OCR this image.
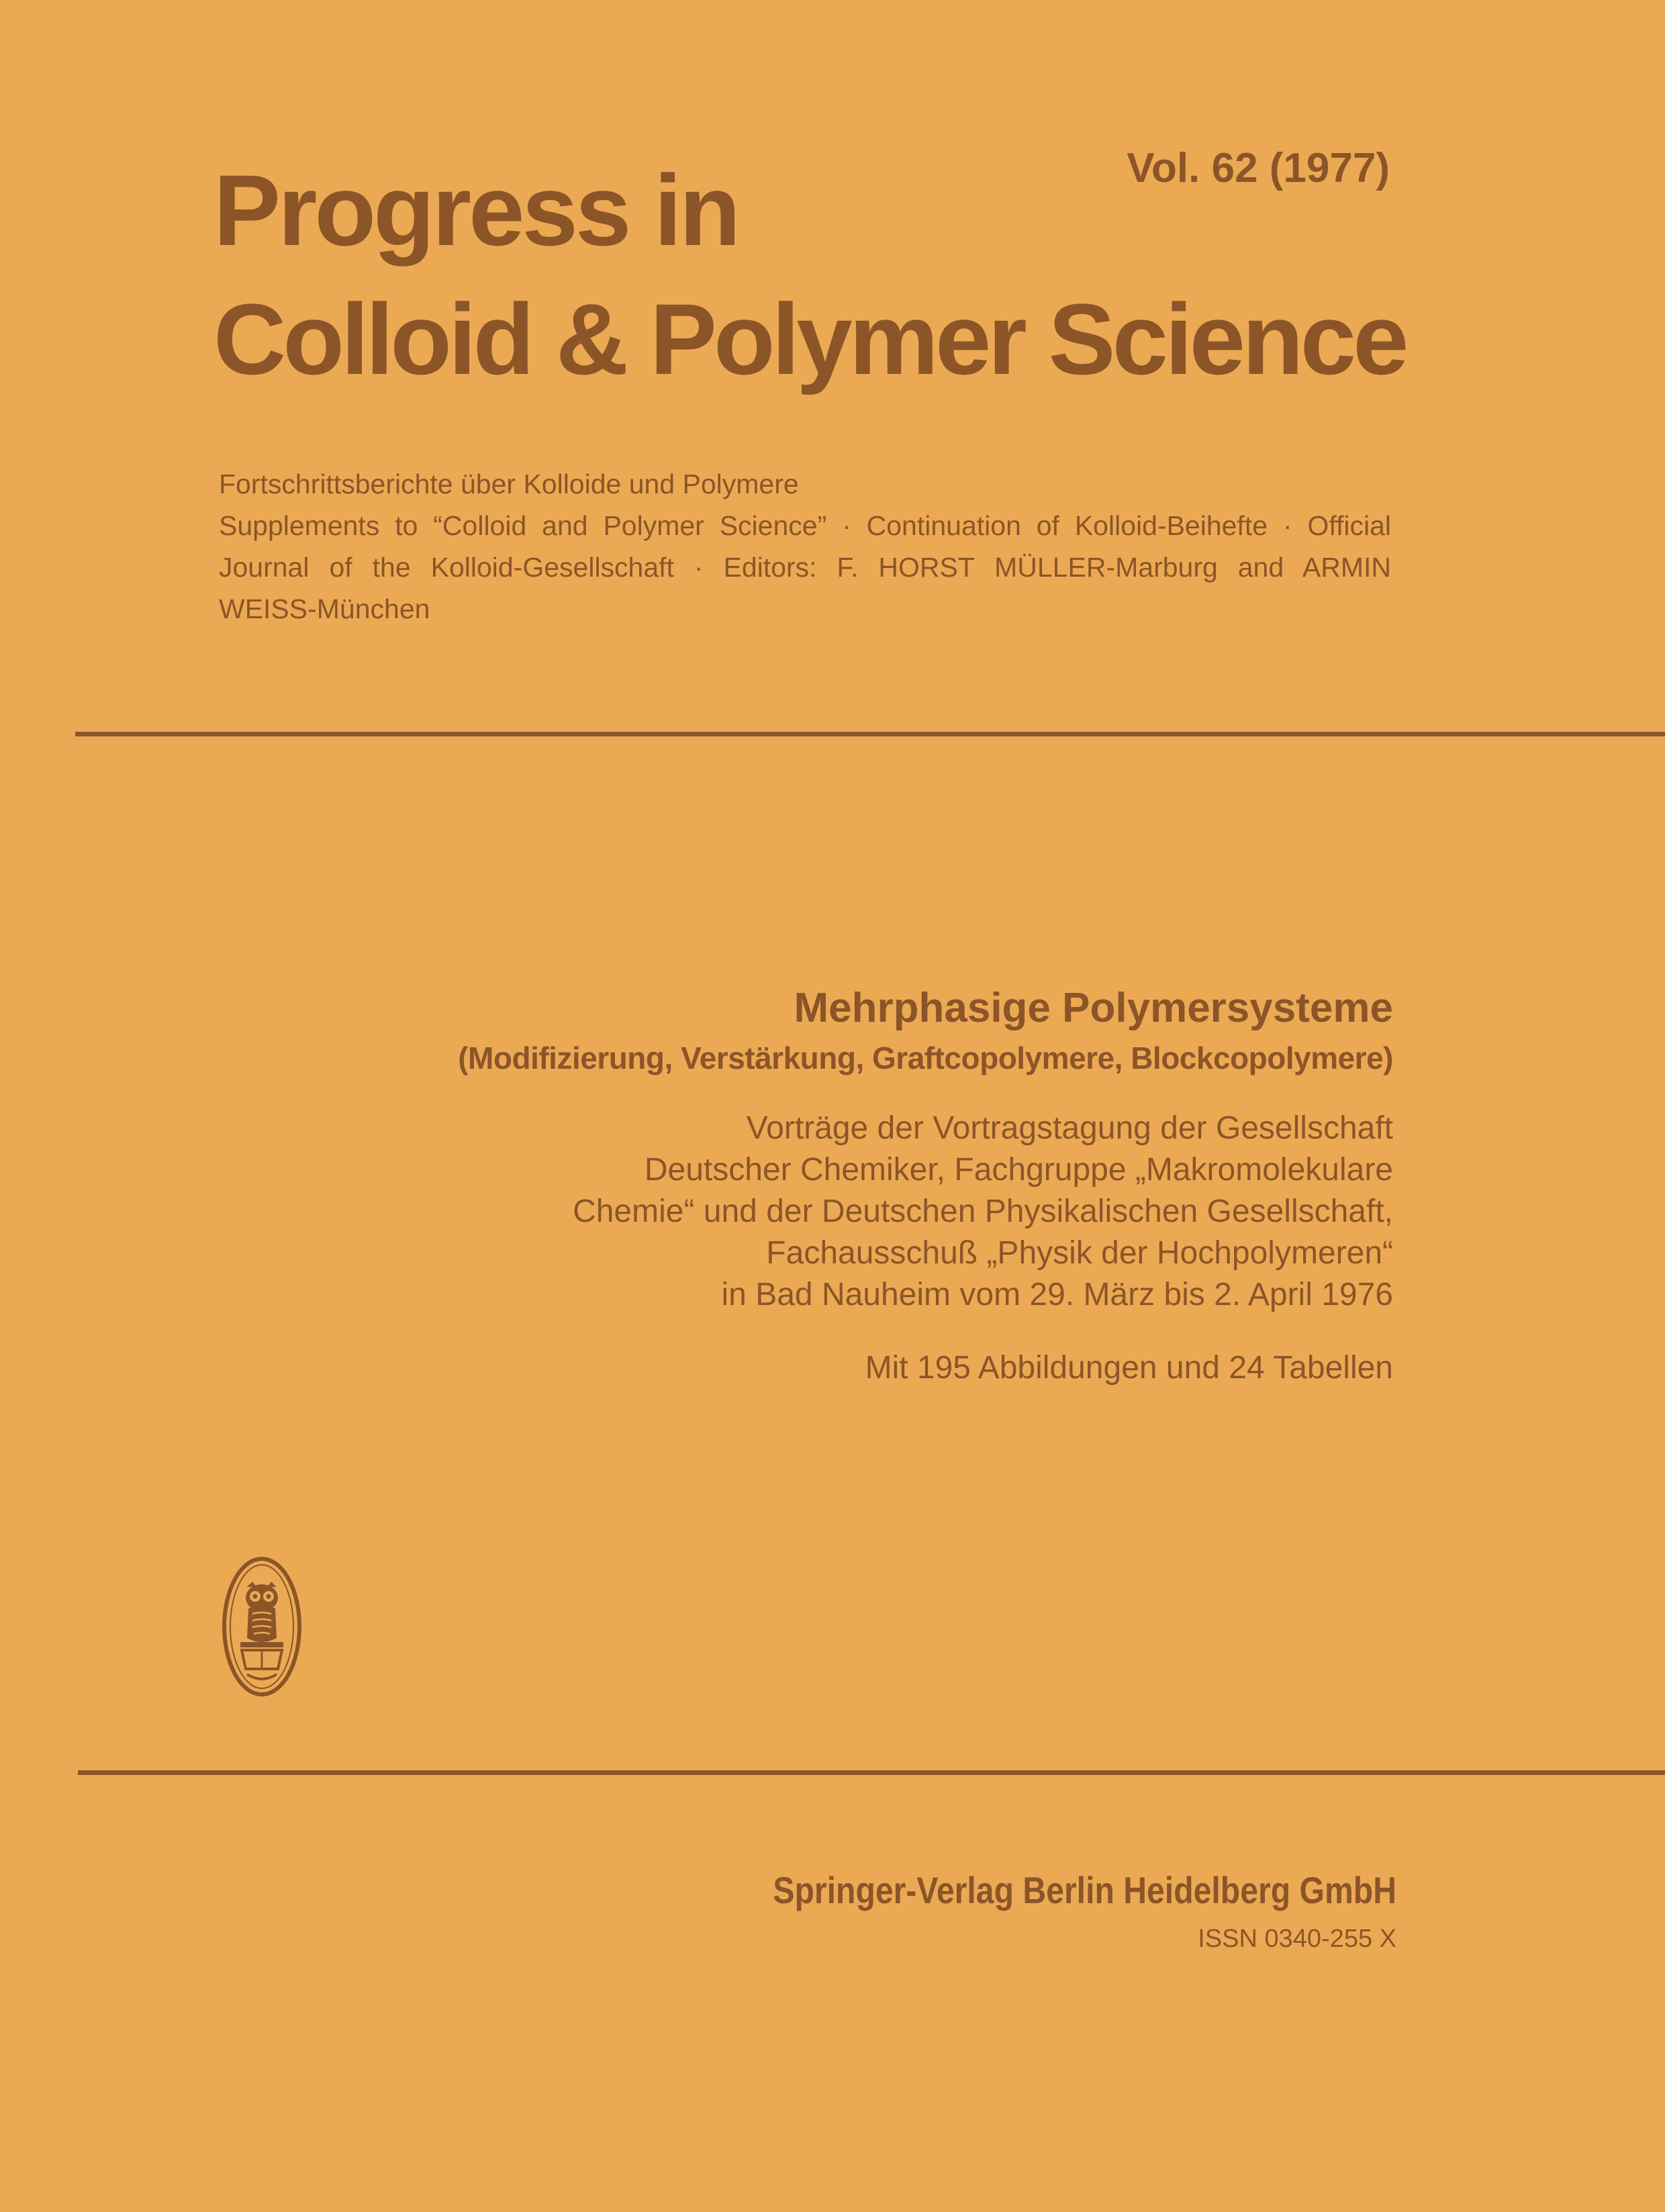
Vol. 62 (1977)
Progress in
Colloid & Polymer Science
Fortschrittsberichte über Kolloide und Polymere
Supplements to “Colloid and Polymer Science” · Continuation of Kolloid-Beihefte · Official
Journal of the Kolloid-Gesellschaft · Editors: F. HORST MÜLLER-Marburg and ARMIN
WEISS-München
Mehrphasige Polymersysteme
(Modifizierung, Verstärkung, Graftcopolymere, Blockcopolymere)
Vorträge der Vortragstagung der Gesellschaft
Deutscher Chemiker, Fachgruppe „Makromolekulare
Chemie“ und der Deutschen Physikalischen Gesellschaft,
Fachausschuß „Physik der Hochpolymeren“
in Bad Nauheim vom 29. März bis 2. April 1976
Mit 195 Abbildungen und 24 Tabellen
Springer-Verlag Berlin Heidelberg GmbH
ISSN 0340-255 X
